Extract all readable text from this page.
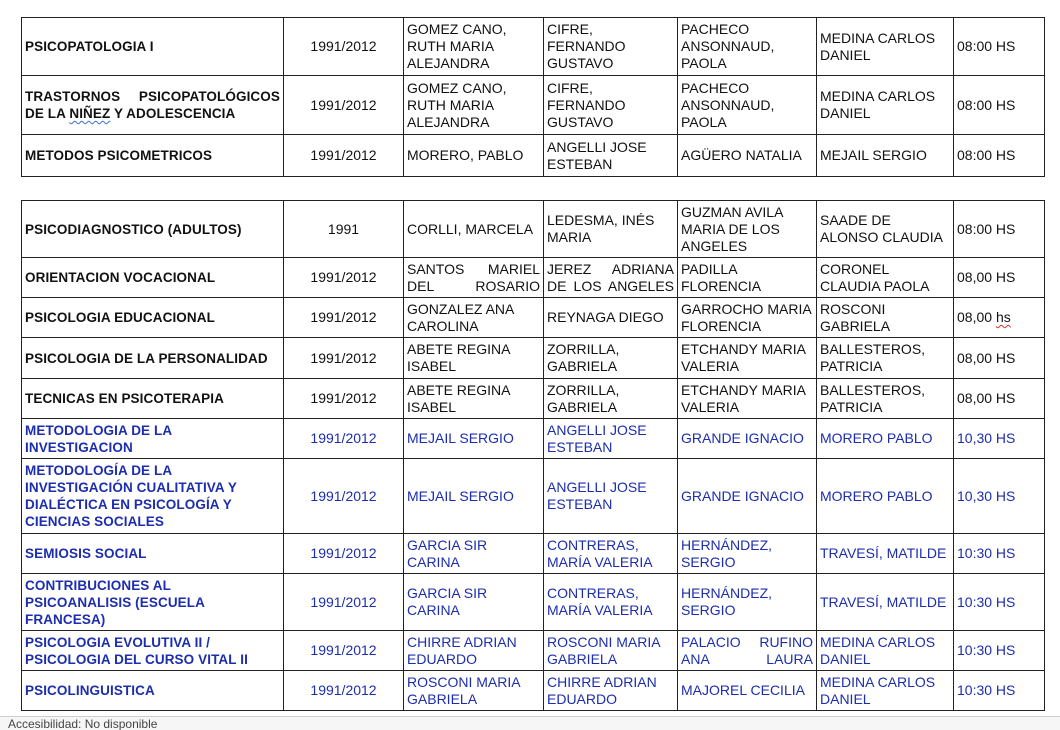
PSICOPATOLOGIA I	1991/2012	GOMEZ CANO, RUTH MARIA ALEJANDRA	CIFRE, FERNANDO GUSTAVO	PACHECO ANSONNAUD, PAOLA	MEDINA CARLOS DANIEL	08:00 HS

TRASTORNOS PSICOPATOLÓGICOS
DE LA NIÑEZ Y ADOLESCENCIA	1991/2012	GOMEZ CANO, RUTH MARIA ALEJANDRA	CIFRE, FERNANDO GUSTAVO	PACHECO ANSONNAUD, PAOLA	MEDINA CARLOS DANIEL	08:00 HS
METODOS PSICOMETRICOS	1991/2012	MORERO, PABLO	ANGELLI JOSE ESTEBAN	AGÜERO NATALIA	MEJAIL SERGIO	08:00 HS
PSICODIAGNOSTICO (ADULTOS)	1991	CORLLI, MARCELA	LEDESMA, INÉS MARIA	GUZMAN AVILA MARIA DE LOS ANGELES	SAADE DE ALONSO CLAUDIA	08:00 HS
ORIENTACION VOCACIONAL	1991/2012	SANTOS MARIEL DEL ROSARIO	JEREZ ADRIANA DE LOS ANGELES	PADILLA FLORENCIA	CORONEL CLAUDIA PAOLA	08,00 HS
PSICOLOGIA EDUCACIONAL	1991/2012	GONZALEZ ANA CAROLINA	REYNAGA DIEGO	GARROCHO MARIA FLORENCIA	ROSCONI GABRIELA	08,00 hs
PSICOLOGIA DE LA PERSONALIDAD	1991/2012	ABETE REGINA ISABEL	ZORRILLA, GABRIELA	ETCHANDY MARIA VALERIA	BALLESTEROS, PATRICIA	08,00 HS
TECNICAS EN PSICOTERAPIA	1991/2012	ABETE REGINA ISABEL	ZORRILLA, GABRIELA	ETCHANDY MARIA VALERIA	BALLESTEROS, PATRICIA	08,00 HS
METODOLOGIA DE LA INVESTIGACION	1991/2012	MEJAIL SERGIO	ANGELLI JOSE ESTEBAN	GRANDE IGNACIO	MORERO PABLO	10,30 HS
METODOLOGÍA DE LA INVESTIGACIÓN CUALITATIVA Y DIALÉCTICA EN PSICOLOGÍA Y CIENCIAS SOCIALES	1991/2012	MEJAIL SERGIO	ANGELLI JOSE ESTEBAN	GRANDE IGNACIO	MORERO PABLO	10,30 HS
SEMIOSIS SOCIAL	1991/2012	GARCIA SIR CARINA	CONTRERAS, MARÍA VALERIA	HERNÁNDEZ, SERGIO	TRAVESÍ, MATILDE	10:30 HS
CONTRIBUCIONES AL PSICOANALISIS (ESCUELA FRANCESA)	1991/2012	GARCIA SIR CARINA	CONTRERAS, MARÍA VALERIA	HERNÁNDEZ, SERGIO	TRAVESÍ, MATILDE	10:30 HS
PSICOLOGIA EVOLUTIVA II / PSICOLOGIA DEL CURSO VITAL II	1991/2012	CHIRRE ADRIAN EDUARDO	ROSCONI MARIA GABRIELA	PALACIO RUFINO ANA LAURA	MEDINA CARLOS DANIEL	10:30 HS
PSICOLINGUISTICA	1991/2012	ROSCONI MARIA GABRIELA	CHIRRE ADRIAN EDUARDO	MAJOREL CECILIA	MEDINA CARLOS DANIEL	10:30 HS
Accesibilidad: No disponible
